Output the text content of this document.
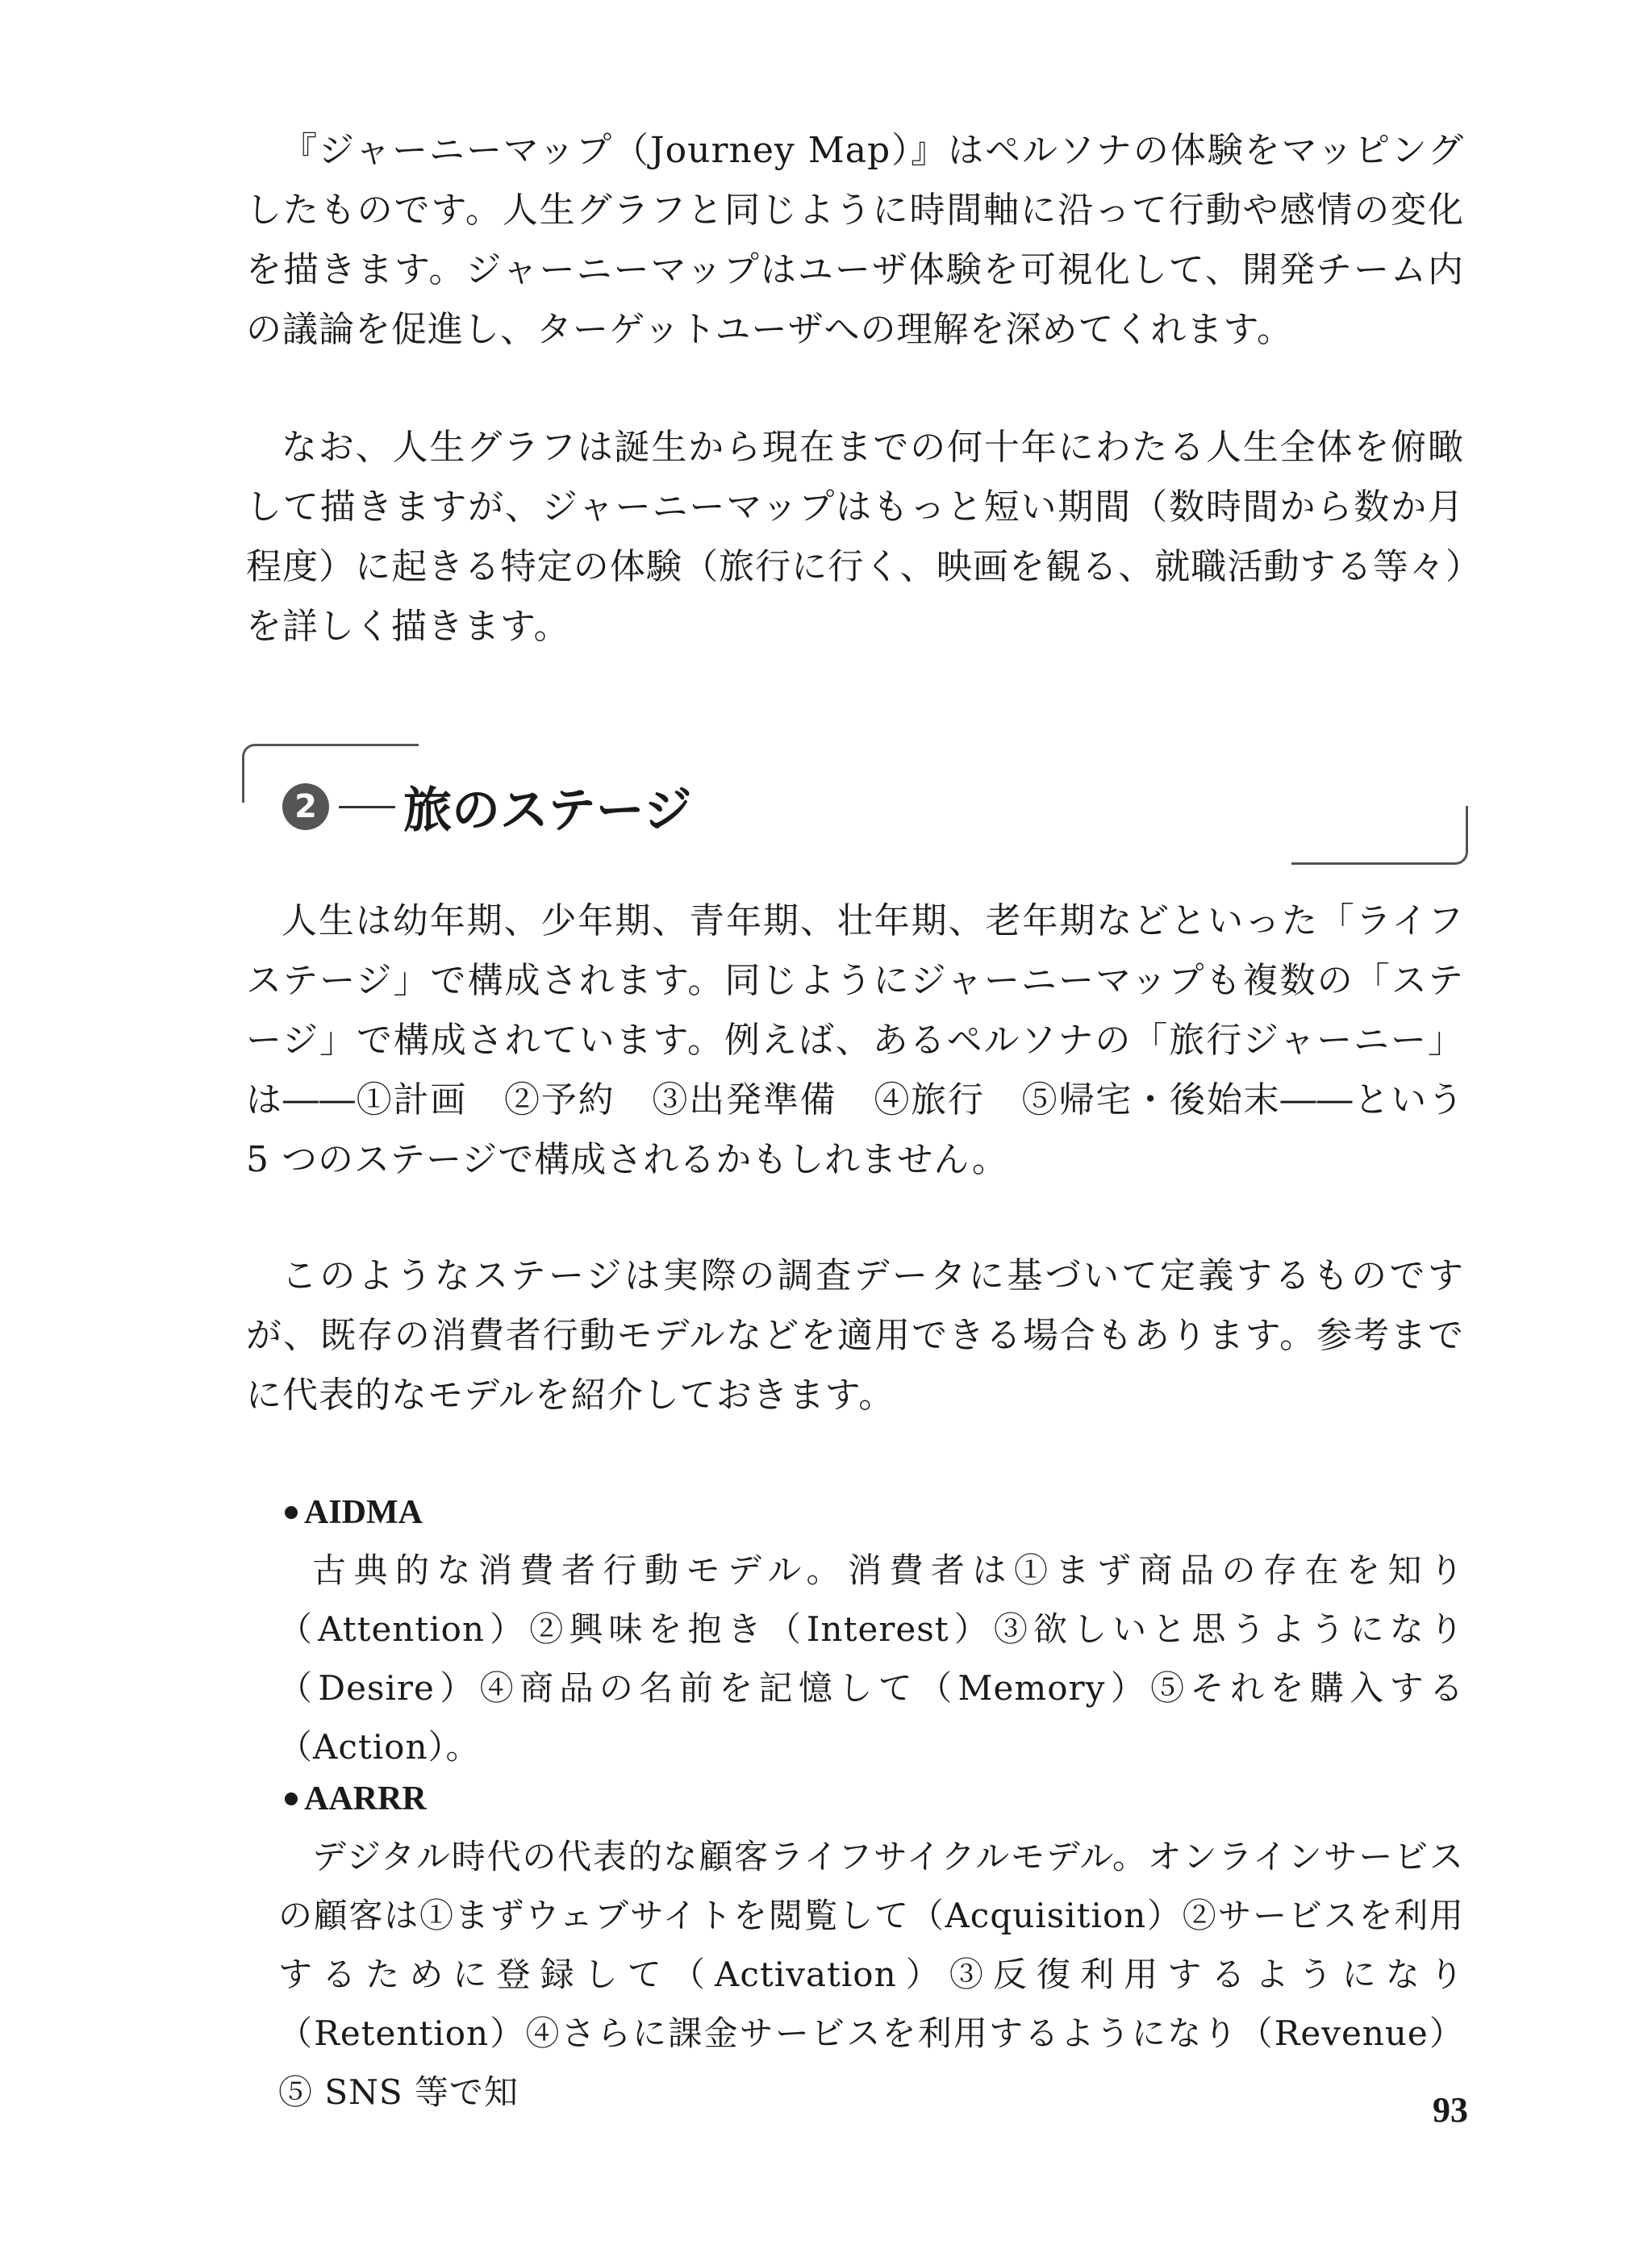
『ジャーニーマップ（Journey Map）』はペルソナの体験をマッピングしたものです。人生グラフと同じように時間軸に沿って行動や感情の変化を描きます。ジャーニーマップはユーザ体験を可視化して、開発チーム内の議論を促進し、ターゲットユーザへの理解を深めてくれます。

なお、人生グラフは誕生から現在までの何十年にわたる人生全体を俯瞰して描きますが、ジャーニーマップはもっと短い期間（数時間から数か月程度）に起きる特定の体験（旅行に行く、映画を観る、就職活動する等々）を詳しく描きます。

2 旅のステージ

人生は幼年期、少年期、青年期、壮年期、老年期などといった「ライフステージ」で構成されます。同じようにジャーニーマップも複数の「ステージ」で構成されています。例えば、あるペルソナの「旅行ジャーニー」は――①計画　②予約　③出発準備　④旅行　⑤帰宅・後始末――という 5 つのステージで構成されるかもしれません。

このようなステージは実際の調査データに基づいて定義するものですが、既存の消費者行動モデルなどを適用できる場合もあります。参考までに代表的なモデルを紹介しておきます。

AIDMA

古典的な消費者行動モデル。消費者は①まず商品の存在を知り（Attention）②興味を抱き（Interest）③欲しいと思うようになり（Desire）④商品の名前を記憶して（Memory）⑤それを購入する（Action）。

AARRR

デジタル時代の代表的な顧客ライフサイクルモデル。オンラインサービスの顧客は①まずウェブサイトを閲覧して（Acquisition）②サービスを利用するために登録して（Activation）③反復利用するようになり（Retention）④さらに課金サービスを利用するようになり（Revenue）⑤ SNS 等で知	93
